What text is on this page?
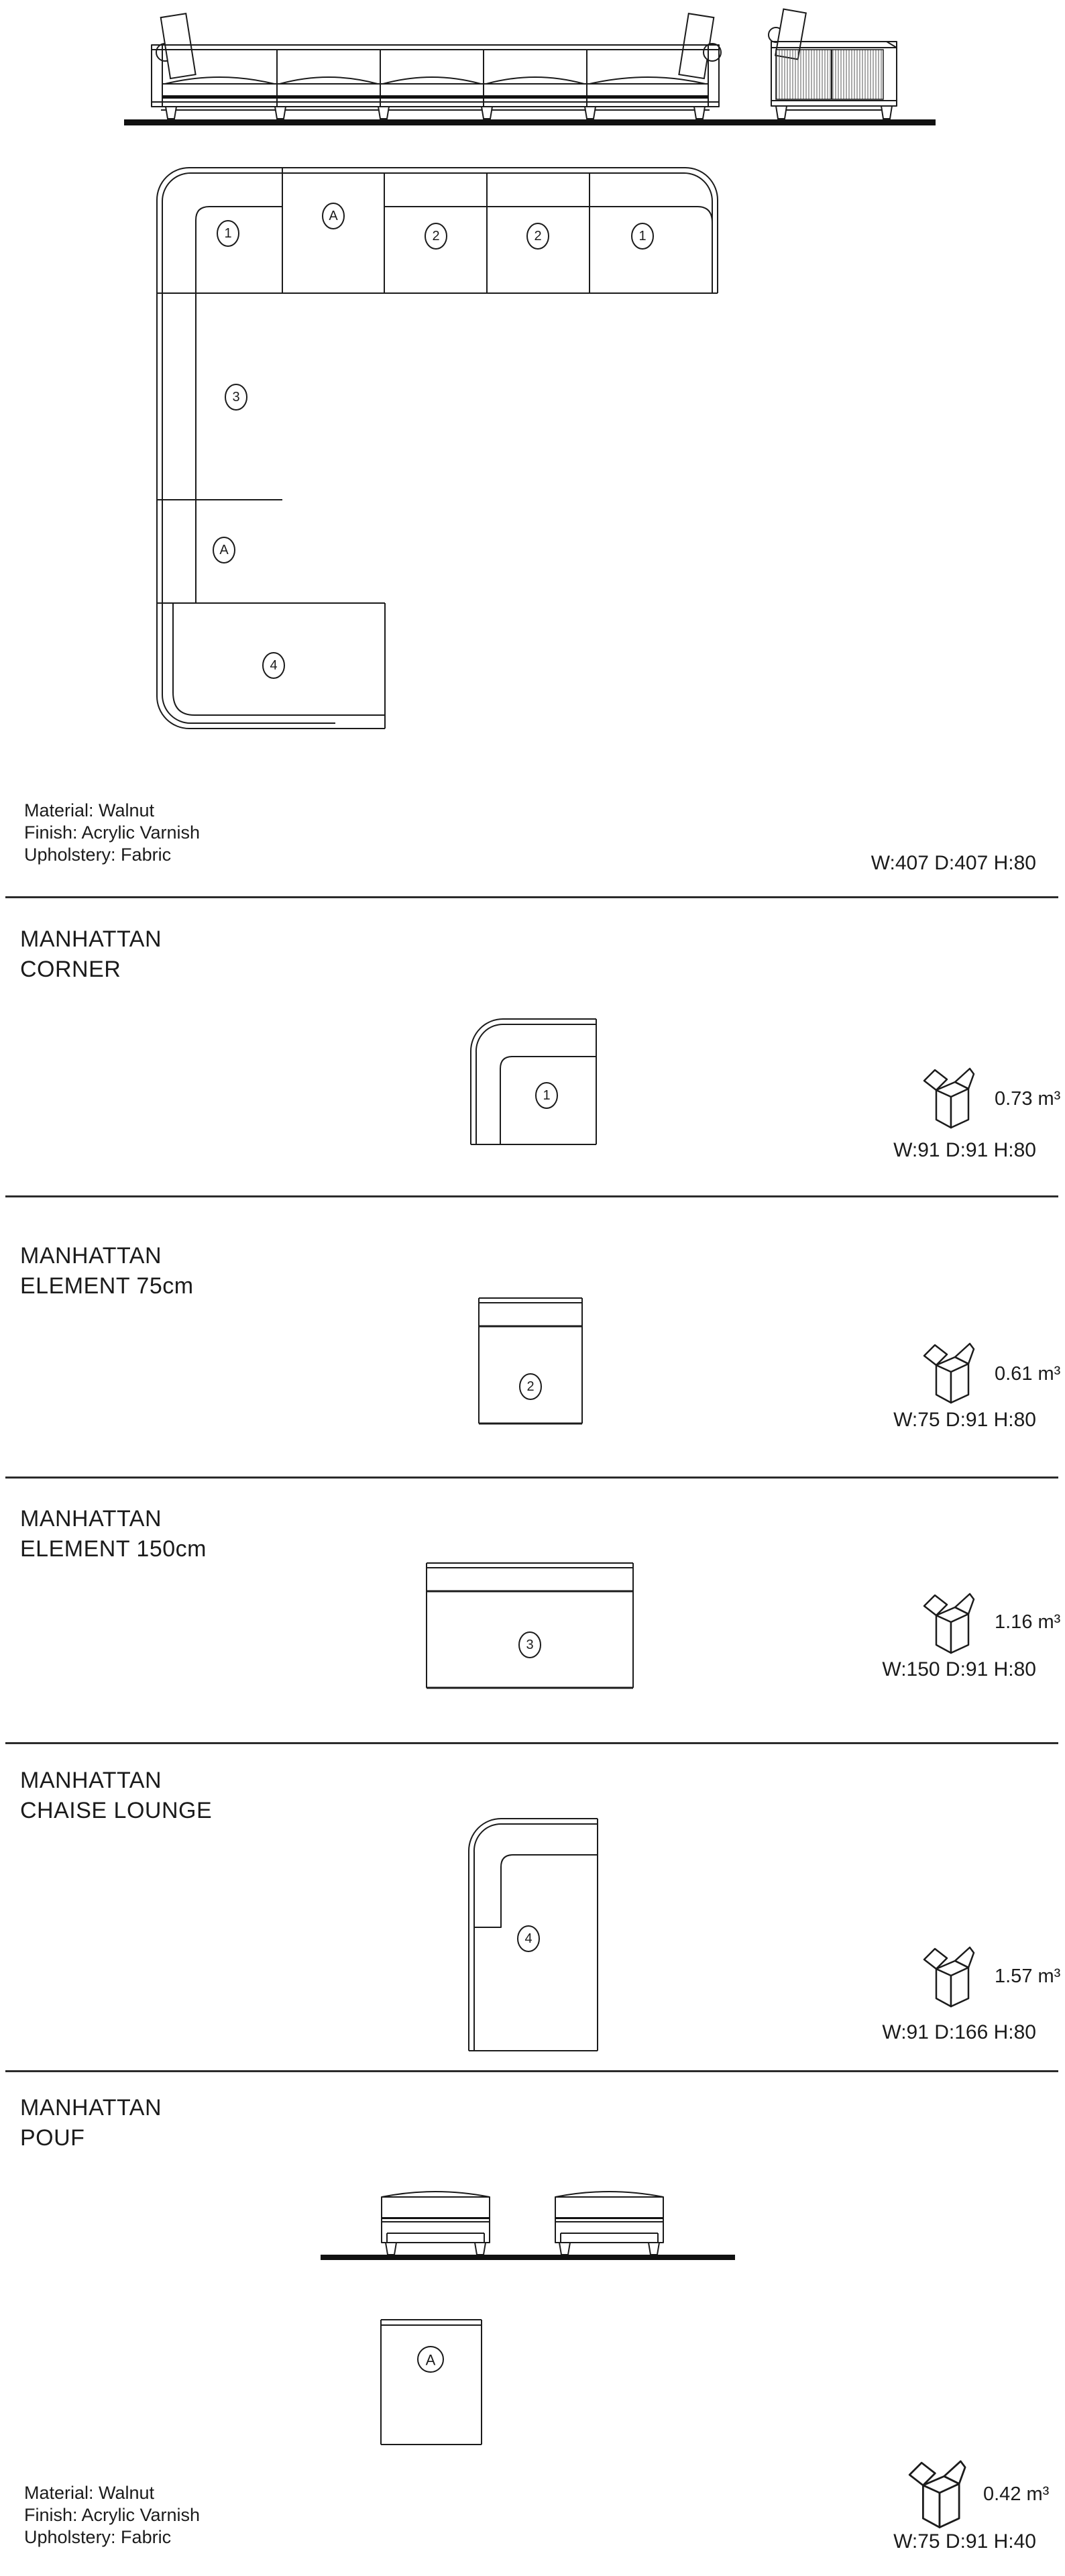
1
A
2	2	1
3
A
4
Material: Walnut
Finish: Acrylic Varnish
Upholstery: Fabric	W:407 D:407 H:80
MANHATTAN
CORNER
1	0.73 m³
W:91 D:91 H:80
MANHATTAN
ELEMENT 75cm
2
0.61 m³
W:75 D:91 H:80
MANHATTAN
ELEMENT 150cm
3
1.16 m³
W:150 D:91 H:80
MANHATTAN
CHAISE LOUNGE
4
1.57 m³
W:91 D:166 H:80
MANHATTAN
POUF
A
Material: Walnut
Finish: Acrylic Varnish
Upholstery: Fabric
0.42 m³
W:75 D:91 H:40
